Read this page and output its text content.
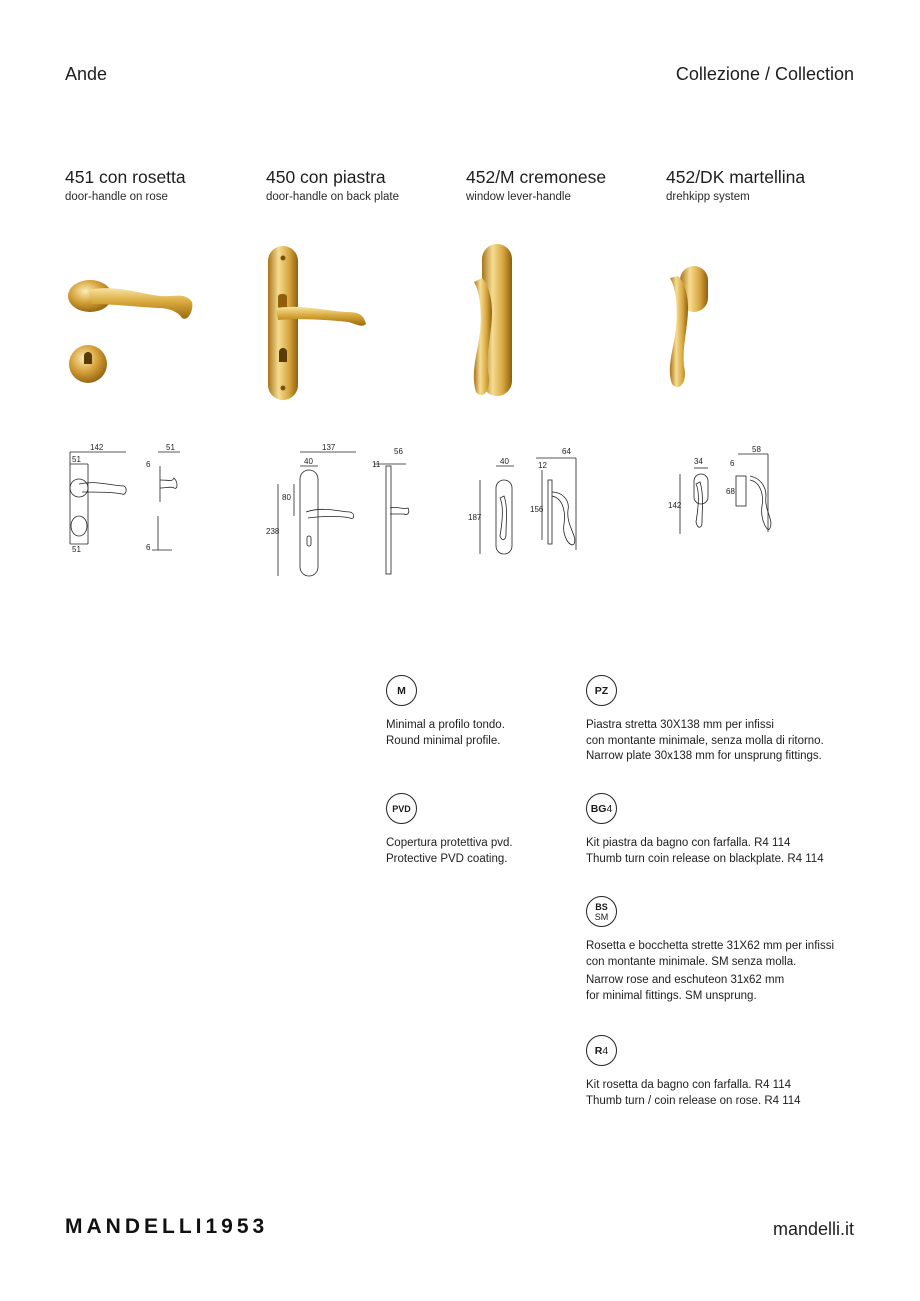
Ande	Collezione / Collection
451 con rosetta
door-handle on rose
450 con piastra
door-handle on back plate
452/M cremonese
window lever-handle
452/DK martellina
drehkipp system
142
51
51
51
6
6
137
40
238
80
56
11	40
187
64
12
156
34
142
58
6
68
M
Minimal a profilo tondo.
Round minimal profile.
PZ
Piastra stretta 30X138 mm per infissi
con montante minimale, senza molla di ritorno.
Narrow plate 30x138 mm for unsprung fittings.
PVD
Copertura protettiva pvd.
Protective PVD coating.
BG4
Kit piastra da bagno con farfalla. R4 114
Thumb turn coin release on blackplate. R4 114
BS
SM
Rosetta e bocchetta strette 31X62 mm per infissi
con montante minimale. SM senza molla.
Narrow rose and eschuteon 31x62 mm
for minimal fittings. SM unsprung.
R4
Kit rosetta da bagno con farfalla. R4 114
Thumb turn / coin release on rose. R4 114
MANDELLI1953	mandelli.it
